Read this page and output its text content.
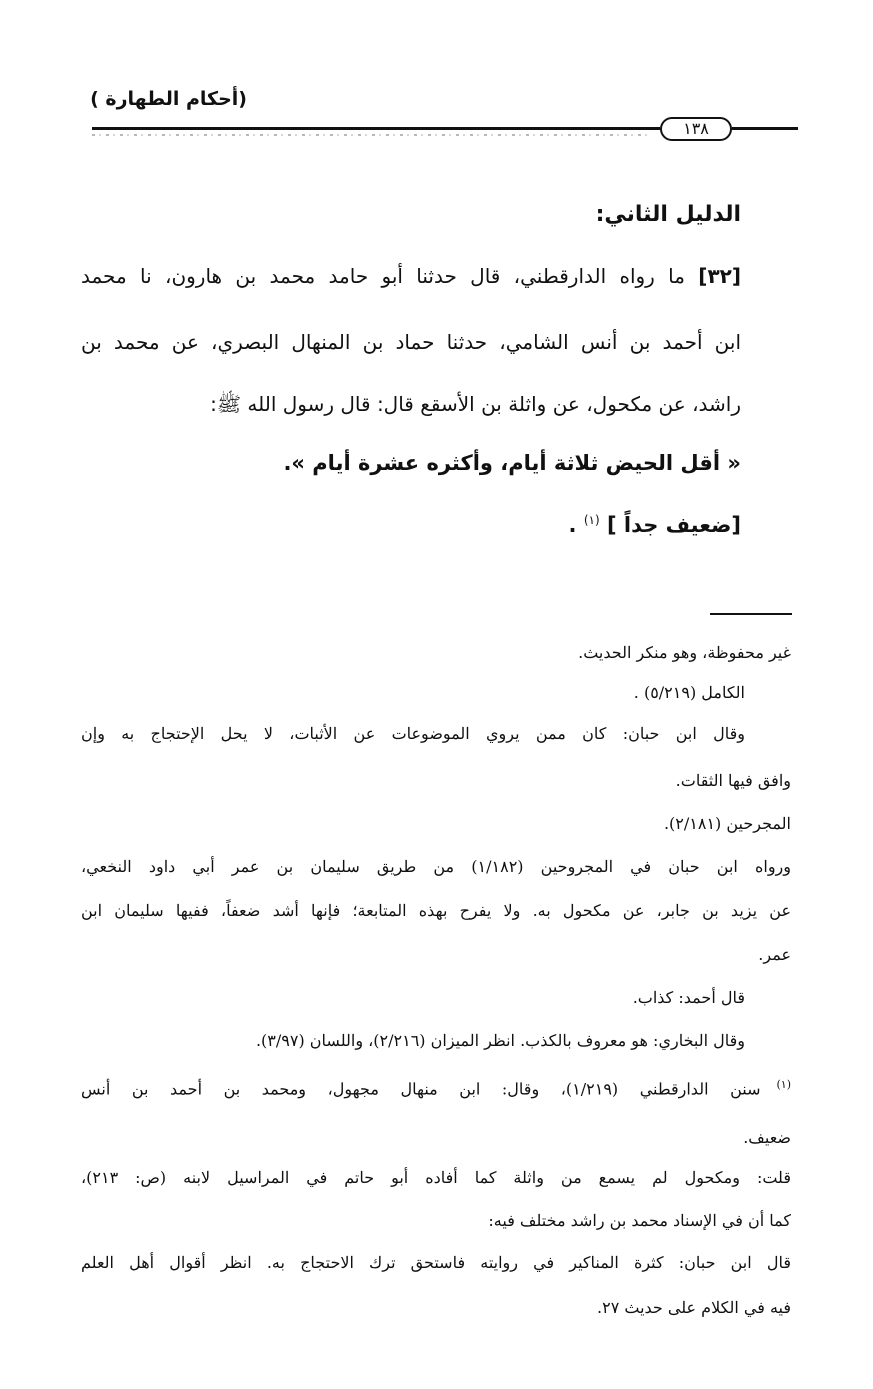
(أحكام الطهارة )
١٣٨
الدليل الثاني:
[٣٢] ما رواه الدارقطني، قال حدثنا أبو حامد محمد بن هارون، نا محمد
ابن أحمد بن أنس الشامي، حدثنا حماد بن المنهال البصري، عن محمد بن
راشد، عن مكحول، عن واثلة بن الأسقع قال: قال رسول الله ﷺ:
« أقل الحيض ثلاثة أيام، وأكثره عشرة أيام ».
[ضعيف جداً ] $^{(١)}$ .
غير محفوظة، وهو منكر الحديث.
الكامل (٥/٢١٩) .
وقال ابن حبان: كان ممن يروي الموضوعات عن الأثبات، لا يحل الإحتجاج به وإن
وافق فيها الثقات.
المجرحين (٢/١٨١).
ورواه ابن حبان في المجروحين (١/١٨٢) من طريق سليمان بن عمر أبي داود النخعي،
عن يزيد بن جابر، عن مكحول به. ولا يفرح بهذه المتابعة؛ فإنها أشد ضعفاً، ففيها سليمان ابن
عمر.
قال أحمد: كذاب.
وقال البخاري: هو معروف بالكذب. انظر الميزان (٢/٢١٦)، واللسان (٣/٩٧).
$^{(١)}$سنن الدارقطني (١/٢١٩)، وقال: ابن منهال مجهول، ومحمد بن أحمد بن أنس
ضعيف.
قلت: ومكحول لم يسمع من واثلة كما أفاده أبو حاتم في المراسيل لابنه (ص: ٢١٣)،
كما أن في الإسناد محمد بن راشد مختلف فيه:
قال ابن حبان: كثرة المناكير في روايته فاستحق ترك الاحتجاج به. انظر أقوال أهل العلم
فيه في الكلام على حديث ٢٧.
